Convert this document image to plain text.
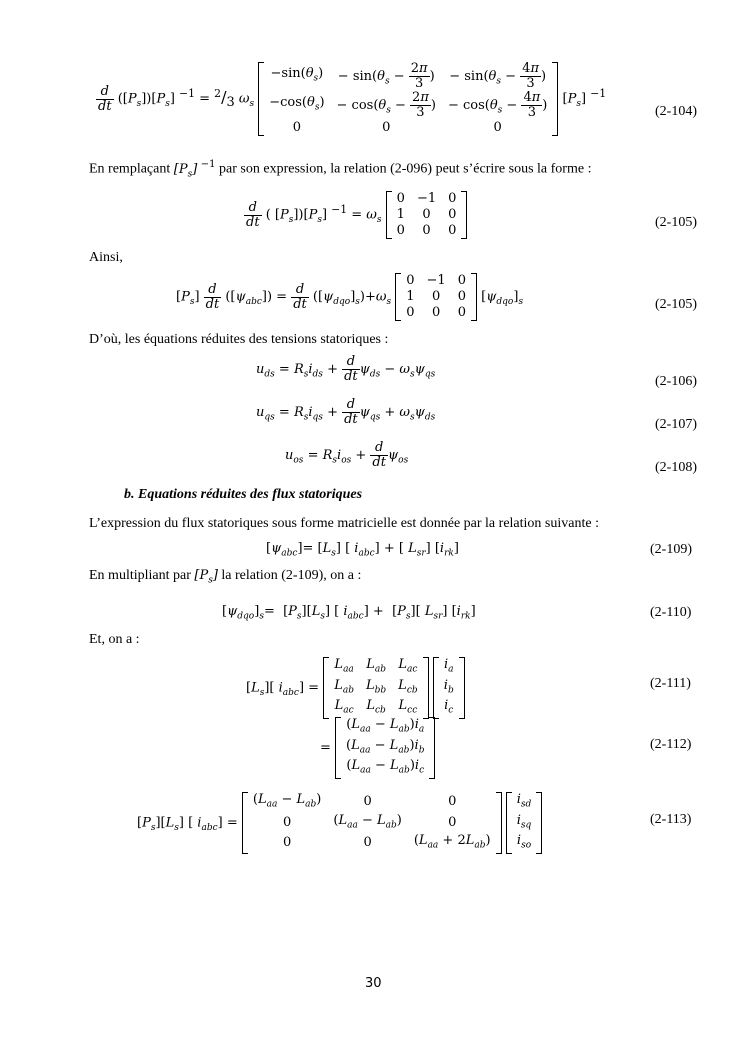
$\frac{d}{dt} ([P_s])[P_s] ^{-1} = ^2/_3$ $\omega_s$
$-\sin(\theta_s)$	− $\sin(\theta_s - \frac{2\pi}{3}$ )	− $\sin(\theta_s - \frac{4\pi}{3}$ )
$-\cos(\theta_s)$	− $\cos(\theta_s - \frac{2\pi}{3}$ )	− $\cos(\theta_s - \frac{4\pi}{3}$ )
0	0	0
$[P_s]$ $^{-1}$
(2-104)
En remplaçant $[P_s]$ $^{-1}$ par son expression, la relation (2-096) peut s’écrire sous la forme :
$\frac{d}{dt}$ ( $[P_s])[P_s] ^{-1} = \omega_s$
0	−1	0
1	0	0
0	0	0
(2-105)
Ainsi,
$[P_s] \frac{d}{dt} ([\psi_{abc}]) = \frac{d}{dt} ([\psi_{dqo}]_s)+\omega_s$
0	−1	0
1	0	0
0	0	0
$[\psi_{dqo}]_s$	(2-105)
D’où, les équations réduites des tensions statoriques :
$u_{ds} = R_si_{ds} + \frac{d}{dt} \psi_{ds} - \omega_s\psi_{qs}$	(2-106)
$u_{qs} = R_si_{qs} + \frac{d}{dt} \psi_{qs} + \omega_s\psi_{ds}$	(2-107)
$u_{os} = R_si_{os} + \frac{d}{dt} \psi_{os}$	(2-108)
b. Equations réduites des flux statoriques
L’expression du flux statoriques sous forme matricielle est donnée par la relation suivante :
$[\psi_{abc}]= [L_s]$ [ $i_{abc}$] + [ $L_{sr}$] $[i_{rk}]$	(2-109)
En multipliant par $[P_s]$ la relation (2-109), on a :
$[\psi_{dqo}]_s= [P_s][L_s]$ [ $i_{abc}] + [P_s]$[ $L_{sr}$] $[i_{rk}]$	(2-110)
Et, on a :
$[L_s]$[ $i_{abc}$] =
$L_{aa}$	$L_{ab}$	$L_{ac}$
$L_{ab}$	$L_{bb}$	$L_{cb}$
$L_{ac}$	$L_{cb}$	$L_{cc}$

$i_a$
$i_b$
$i_c$
(2-111)
=
$(L_{aa} - L_{ab})i_a$
$(L_{aa} - L_{ab})i_b$
$(L_{aa} - L_{ab})i_c$
(2-112)
$[P_s][L_s]$ [ $i_{abc}$] =
$(L_{aa} - L_{ab})$	0	0
0	$(L_{aa} - L_{ab})$	0
0	0	$(L_{aa} + 2L_{ab})$

$i_{sd}$
$i_{sq}$
$i_{so}$
(2-113)
30
